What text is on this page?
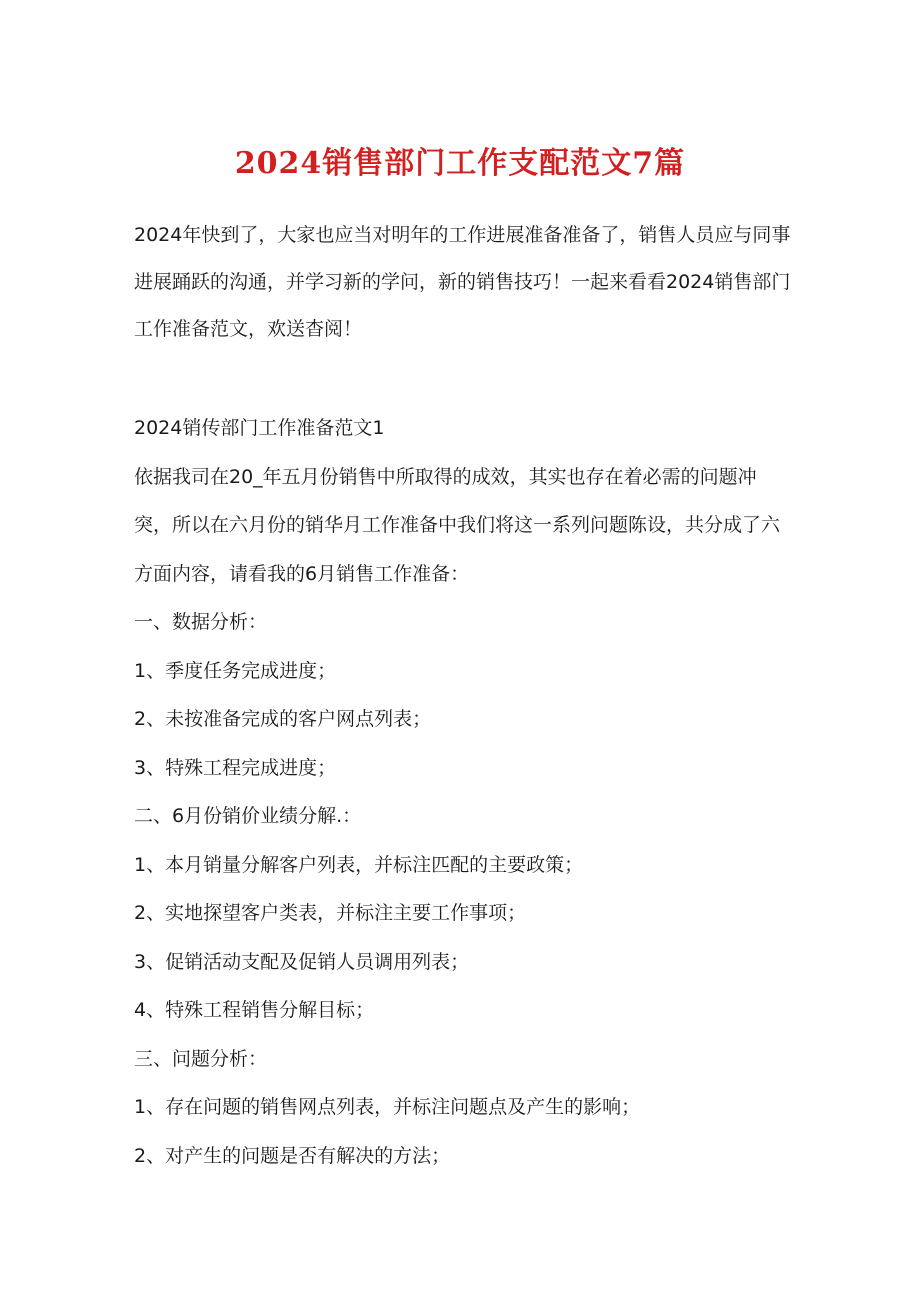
2024销售部门工作支配范文7篇

2024年快到了，大家也应当对明年的工作进展准备准备了，销售人员应与同事进展踊跃的沟通，并学习新的学问，新的销售技巧！一起来看看2024销售部门工作准备范文，欢送杳阅！

2024销传部门工作准备范文1
依据我司在20_年五月份销售中所取得的成效，其实也存在着必需的问题冲突，所以在六月份的销华月工作准备中我们将这一系列问题陈设，共分成了六方面内容，请看我的6月销售工作准备：
一、数据分析：
1、季度任务完成进度；
2、未按准备完成的客户网点列表；
3、特殊工程完成进度；
二、6月份销价业绩分解.：
1、本月销量分解客户列表，并标注匹配的主要政策；
2、实地探望客户类表，并标注主要工作事项；
3、促销活动支配及促销人员调用列表；
4、特殊工程销售分解目标；
三、问题分析：
1、存在问题的销售网点列表，并标注问题点及产生的影响；
2、对产生的问题是否有解决的方法；
